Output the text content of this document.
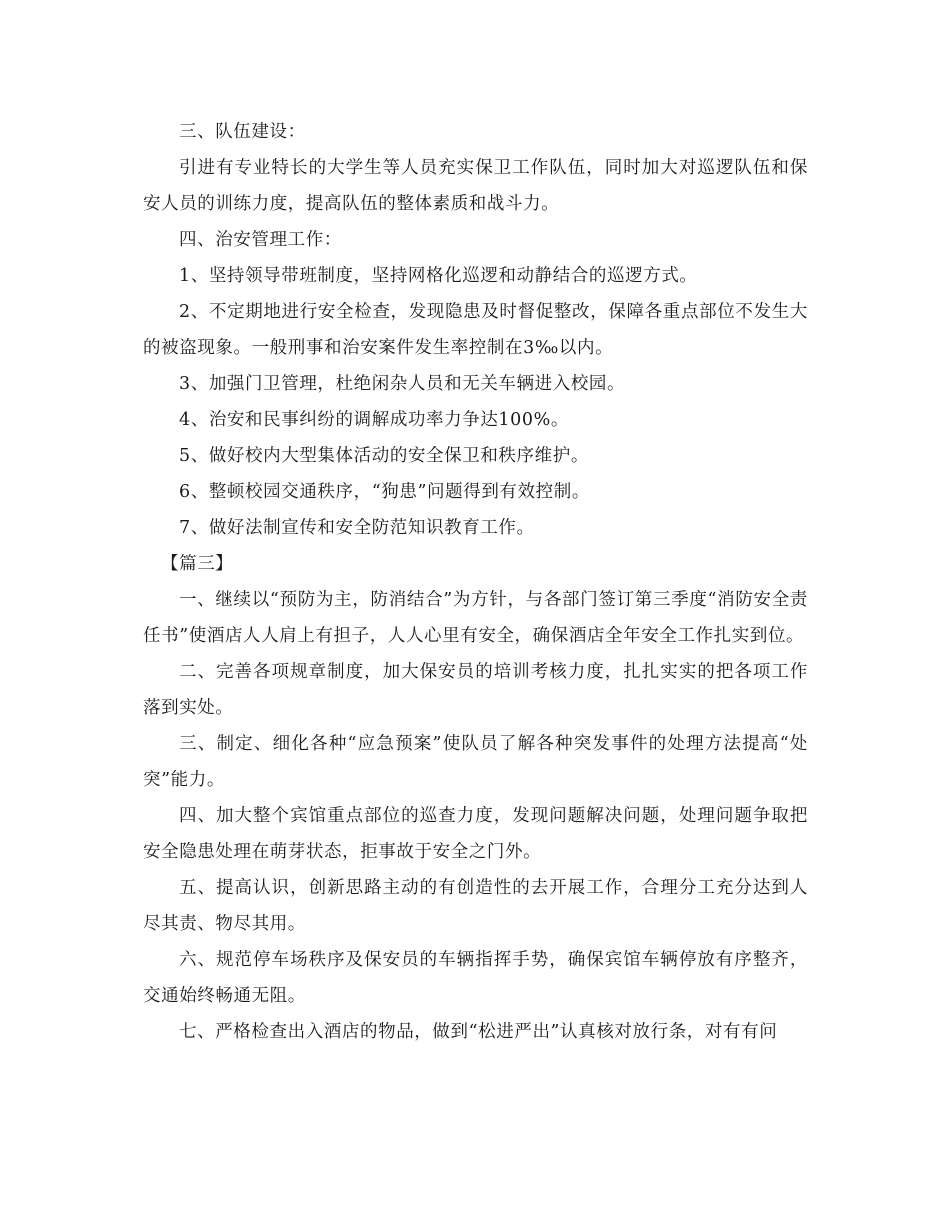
三、队伍建设：

引进有专业特长的大学生等人员充实保卫工作队伍，同时加大对巡逻队伍和保安人员的训练力度，提高队伍的整体素质和战斗力。

四、治安管理工作：

1、坚持领导带班制度，坚持网格化巡逻和动静结合的巡逻方式。

2、不定期地进行安全检查，发现隐患及时督促整改，保障各重点部位不发生大的被盗现象。一般刑事和治安案件发生率控制在3‰以内。

3、加强门卫管理，杜绝闲杂人员和无关车辆进入校园。

4、治安和民事纠纷的调解成功率力争达100%。

5、做好校内大型集体活动的安全保卫和秩序维护。

6、整顿校园交通秩序，“狗患”问题得到有效控制。

7、做好法制宣传和安全防范知识教育工作。

【篇三】

一、继续以“预防为主，防消结合”为方针，与各部门签订第三季度“消防安全责任书”使酒店人人肩上有担子，人人心里有安全，确保酒店全年安全工作扎实到位。

二、完善各项规章制度，加大保安员的培训考核力度，扎扎实实的把各项工作落到实处。

三、制定、细化各种“应急预案”使队员了解各种突发事件的处理方法提高“处突”能力。

四、加大整个宾馆重点部位的巡查力度，发现问题解决问题，处理问题争取把安全隐患处理在萌芽状态，拒事故于安全之门外。

五、提高认识，创新思路主动的有创造性的去开展工作，合理分工充分达到人尽其责、物尽其用。

六、规范停车场秩序及保安员的车辆指挥手势，确保宾馆车辆停放有序整齐，交通始终畅通无阻。

七、严格检查出入酒店的物品，做到“松进严出”认真核对放行条，对有有问
